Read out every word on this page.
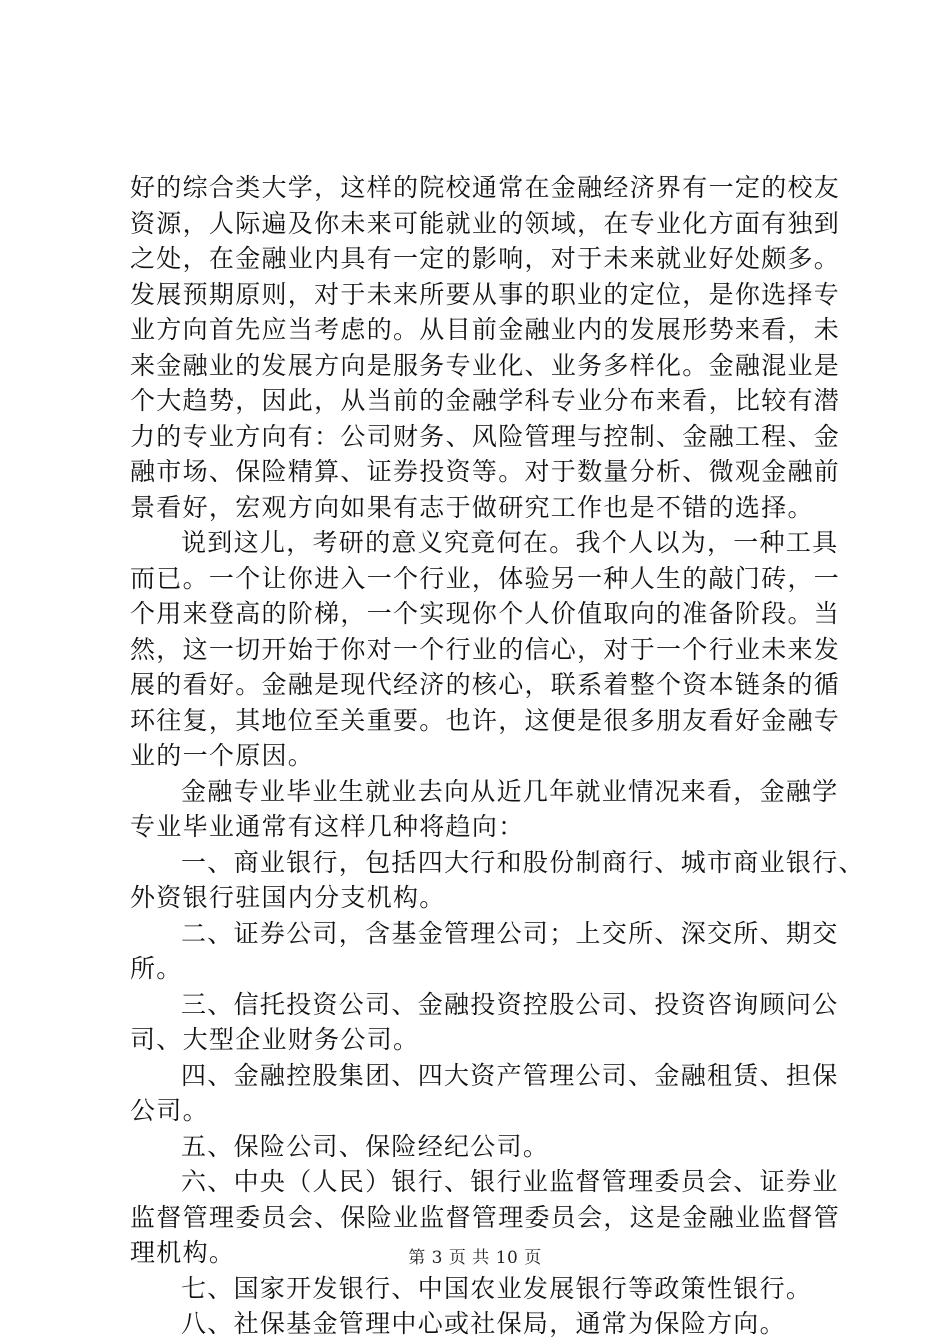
好的综合类大学，这样的院校通常在金融经济界有一定的校友
资源，人际遍及你未来可能就业的领域，在专业化方面有独到
之处，在金融业内具有一定的影响，对于未来就业好处颇多。
发展预期原则，对于未来所要从事的职业的定位，是你选择专
业方向首先应当考虑的。从目前金融业内的发展形势来看，未
来金融业的发展方向是服务专业化、业务多样化。金融混业是
个大趋势，因此，从当前的金融学科专业分布来看，比较有潜
力的专业方向有：公司财务、风险管理与控制、金融工程、金
融市场、保险精算、证券投资等。对于数量分析、微观金融前
景看好，宏观方向如果有志于做研究工作也是不错的选择。
说到这儿，考研的意义究竟何在。我个人以为，一种工具
而已。一个让你进入一个行业，体验另一种人生的敲门砖，一
个用来登高的阶梯，一个实现你个人价值取向的准备阶段。当
然，这一切开始于你对一个行业的信心，对于一个行业未来发
展的看好。金融是现代经济的核心，联系着整个资本链条的循
环往复，其地位至关重要。也许，这便是很多朋友看好金融专
业的一个原因。
金融专业毕业生就业去向从近几年就业情况来看，金融学
专业毕业通常有这样几种将趋向：
一、商业银行，包括四大行和股份制商行、城市商业银行、
外资银行驻国内分支机构。
二、证券公司，含基金管理公司；上交所、深交所、期交
所。
三、信托投资公司、金融投资控股公司、投资咨询顾问公
司、大型企业财务公司。
四、金融控股集团、四大资产管理公司、金融租赁、担保
公司。
五、保险公司、保险经纪公司。
六、中央（人民）银行、银行业监督管理委员会、证券业
监督管理委员会、保险业监督管理委员会，这是金融业监督管
理机构。
七、国家开发银行、中国农业发展银行等政策性银行。
八、社保基金管理中心或社保局，通常为保险方向。
第 3 页 共 10 页
